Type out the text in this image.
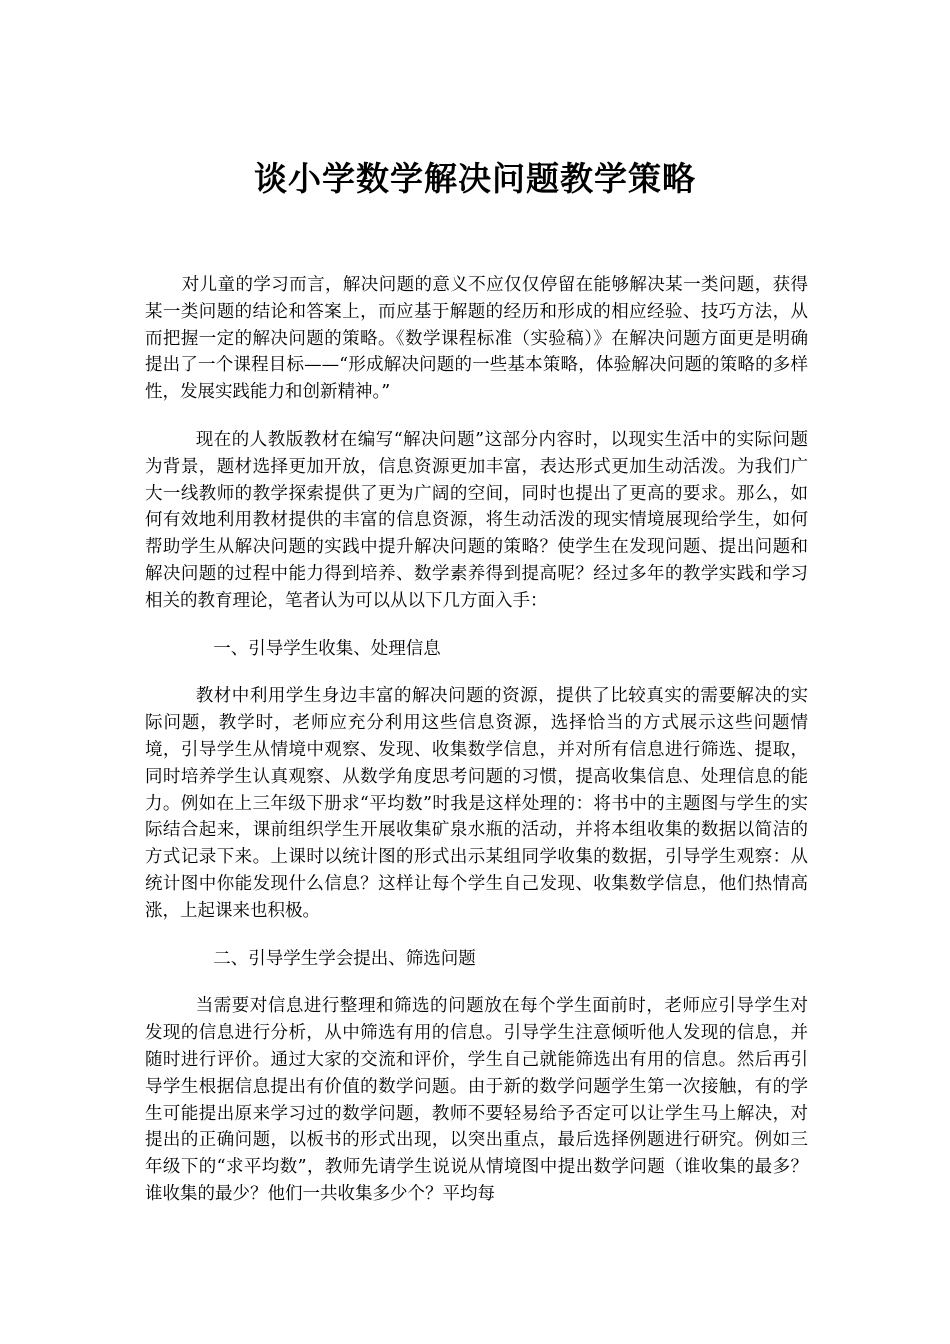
谈小学数学解决问题教学策略

对儿童的学习而言，解决问题的意义不应仅仅停留在能够解决某一类问题，获得某一类问题的结论和答案上，而应基于解题的经历和形成的相应经验、技巧方法，从而把握一定的解决问题的策略。《数学课程标准（实验稿）》在解决问题方面更是明确提出了一个课程目标——“形成解决问题的一些基本策略，体验解决问题的策略的多样性，发展实践能力和创新精神。”

现在的人教版教材在编写“解决问题”这部分内容时，以现实生活中的实际问题为背景，题材选择更加开放，信息资源更加丰富，表达形式更加生动活泼。为我们广大一线教师的教学探索提供了更为广阔的空间，同时也提出了更高的要求。那么，如何有效地利用教材提供的丰富的信息资源，将生动活泼的现实情境展现给学生，如何帮助学生从解决问题的实践中提升解决问题的策略？使学生在发现问题、提出问题和解决问题的过程中能力得到培养、数学素养得到提高呢？经过多年的教学实践和学习相关的教育理论，笔者认为可以从以下几方面入手：

一、引导学生收集、处理信息

教材中利用学生身边丰富的解决问题的资源，提供了比较真实的需要解决的实际问题，教学时，老师应充分利用这些信息资源，选择恰当的方式展示这些问题情境，引导学生从情境中观察、发现、收集数学信息，并对所有信息进行筛选、提取，同时培养学生认真观察、从数学角度思考问题的习惯，提高收集信息、处理信息的能力。例如在上三年级下册求“平均数”时我是这样处理的：将书中的主题图与学生的实际结合起来，课前组织学生开展收集矿泉水瓶的活动，并将本组收集的数据以简洁的方式记录下来。上课时以统计图的形式出示某组同学收集的数据，引导学生观察：从统计图中你能发现什么信息？这样让每个学生自己发现、收集数学信息，他们热情高涨，上起课来也积极。

二、引导学生学会提出、筛选问题

当需要对信息进行整理和筛选的问题放在每个学生面前时，老师应引导学生对发现的信息进行分析，从中筛选有用的信息。引导学生注意倾听他人发现的信息，并随时进行评价。通过大家的交流和评价，学生自己就能筛选出有用的信息。然后再引导学生根据信息提出有价值的数学问题。由于新的数学问题学生第一次接触，有的学生可能提出原来学习过的数学问题，教师不要轻易给予否定可以让学生马上解决，对提出的正确问题，以板书的形式出现，以突出重点，最后选择例题进行研究。例如三年级下的“求平均数”，教师先请学生说说从情境图中提出数学问题（谁收集的最多？谁收集的最少？他们一共收集多少个？平均每
